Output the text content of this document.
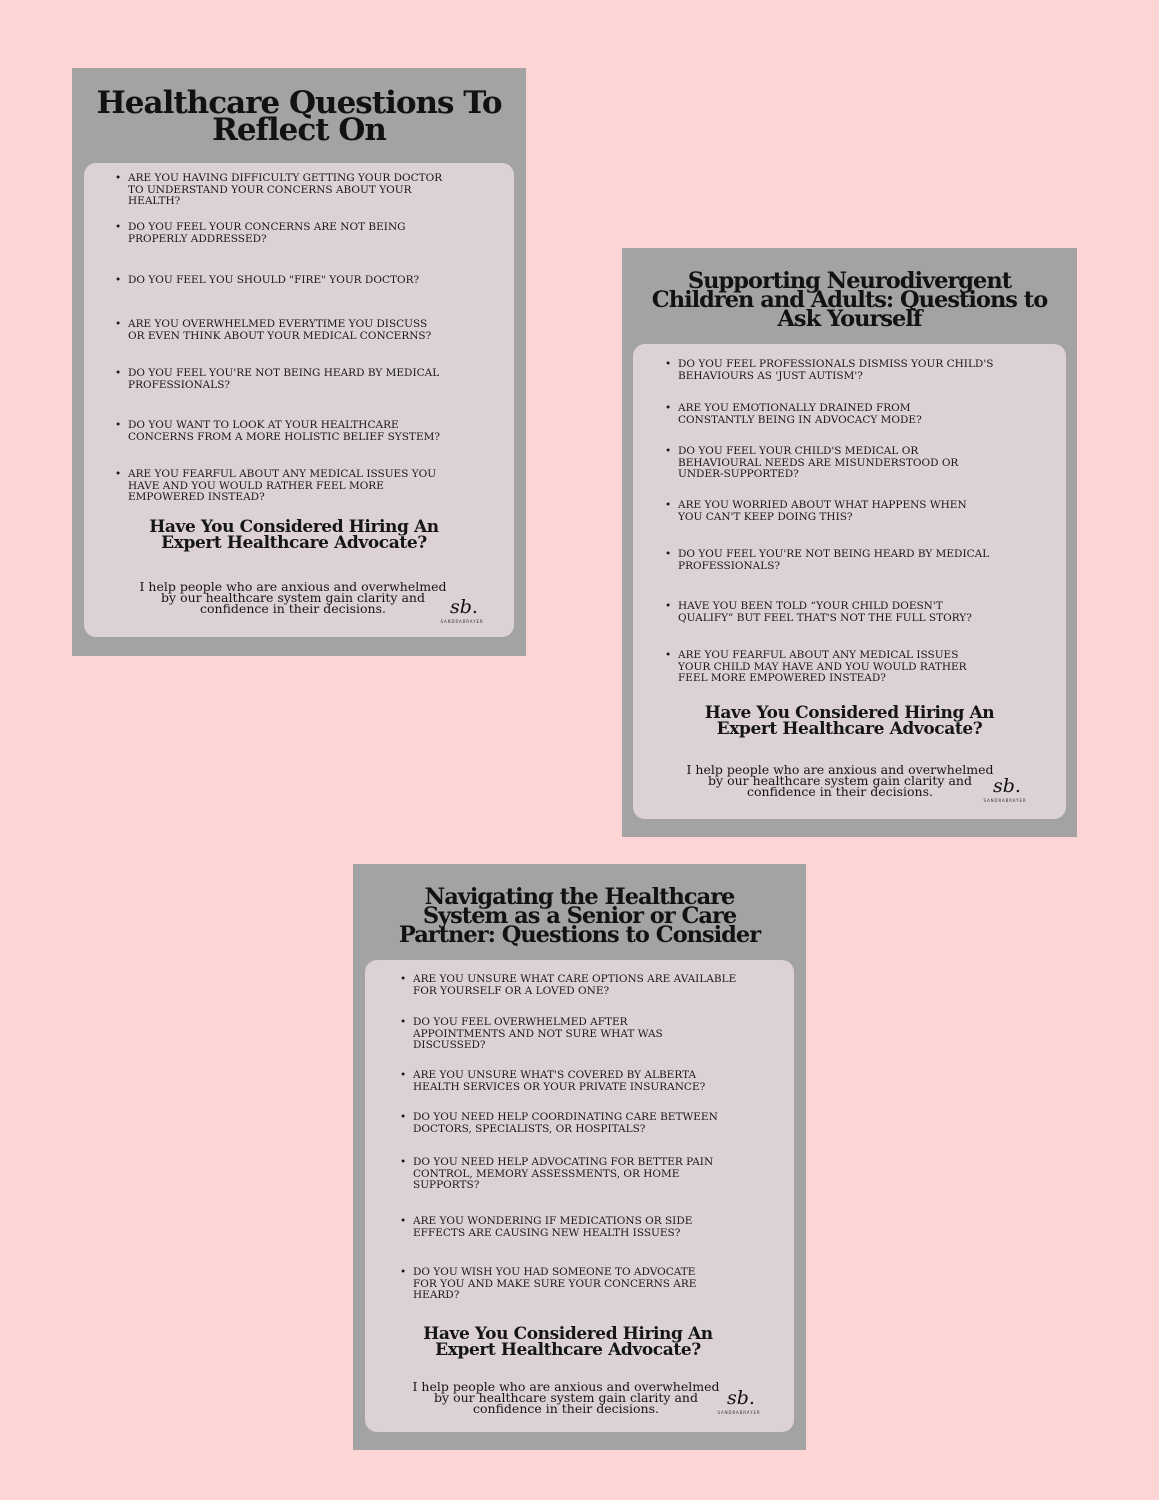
Healthcare Questions To
Reflect On
• ARE YOU HAVING DIFFICULTY GETTING YOUR DOCTOR
TO UNDERSTAND YOUR CONCERNS ABOUT YOUR
HEALTH?
• DO YOU FEEL YOUR CONCERNS ARE NOT BEING
PROPERLY ADDRESSED?
• DO YOU FEEL YOU SHOULD "FIRE" YOUR DOCTOR?
• ARE YOU OVERWHELMED EVERYTIME YOU DISCUSS
OR EVEN THINK ABOUT YOUR MEDICAL CONCERNS?
• DO YOU FEEL YOU'RE NOT BEING HEARD BY MEDICAL
PROFESSIONALS?
• DO YOU WANT TO LOOK AT YOUR HEALTHCARE
CONCERNS FROM A MORE HOLISTIC BELIEF SYSTEM?
• ARE YOU FEARFUL ABOUT ANY MEDICAL ISSUES YOU
HAVE AND YOU WOULD RATHER FEEL MORE
EMPOWERED INSTEAD?
Have You Considered Hiring An
Expert Healthcare Advocate?

I help people who are anxious and overwhelmed
by our healthcare system gain clarity and
confidence in their decisions.	sb.
SANDRABRAYER
Supporting Neurodivergent
Children and Adults: Questions to
Ask Yourself
• DO YOU FEEL PROFESSIONALS DISMISS YOUR CHILD'S
BEHAVIOURS AS 'JUST AUTISM'?
• ARE YOU EMOTIONALLY DRAINED FROM
CONSTANTLY BEING IN ADVOCACY MODE?
• DO YOU FEEL YOUR CHILD'S MEDICAL OR
BEHAVIOURAL NEEDS ARE MISUNDERSTOOD OR
UNDER-SUPPORTED?
• ARE YOU WORRIED ABOUT WHAT HAPPENS WHEN
YOU CAN'T KEEP DOING THIS?
• DO YOU FEEL YOU'RE NOT BEING HEARD BY MEDICAL
PROFESSIONALS?
• HAVE YOU BEEN TOLD “YOUR CHILD DOESN'T
QUALIFY” BUT FEEL THAT'S NOT THE FULL STORY?
• ARE YOU FEARFUL ABOUT ANY MEDICAL ISSUES
YOUR CHILD MAY HAVE AND YOU WOULD RATHER
FEEL MORE EMPOWERED INSTEAD?
Have You Considered Hiring An
Expert Healthcare Advocate?

I help people who are anxious and overwhelmed
by our healthcare system gain clarity and
confidence in their decisions.	sb.
SANDRABRAYER
Navigating the Healthcare
System as a Senior or Care
Partner: Questions to Consider
• ARE YOU UNSURE WHAT CARE OPTIONS ARE AVAILABLE
FOR YOURSELF OR A LOVED ONE?
• DO YOU FEEL OVERWHELMED AFTER
APPOINTMENTS AND NOT SURE WHAT WAS
DISCUSSED?
• ARE YOU UNSURE WHAT'S COVERED BY ALBERTA
HEALTH SERVICES OR YOUR PRIVATE INSURANCE?
• DO YOU NEED HELP COORDINATING CARE BETWEEN
DOCTORS, SPECIALISTS, OR HOSPITALS?
• DO YOU NEED HELP ADVOCATING FOR BETTER PAIN
CONTROL, MEMORY ASSESSMENTS, OR HOME
SUPPORTS?
• ARE YOU WONDERING IF MEDICATIONS OR SIDE
EFFECTS ARE CAUSING NEW HEALTH ISSUES?
• DO YOU WISH YOU HAD SOMEONE TO ADVOCATE
FOR YOU AND MAKE SURE YOUR CONCERNS ARE
HEARD?
Have You Considered Hiring An
Expert Healthcare Advocate?

I help people who are anxious and overwhelmed
by our healthcare system gain clarity and
confidence in their decisions.	sb.
SANDRABRAYER
